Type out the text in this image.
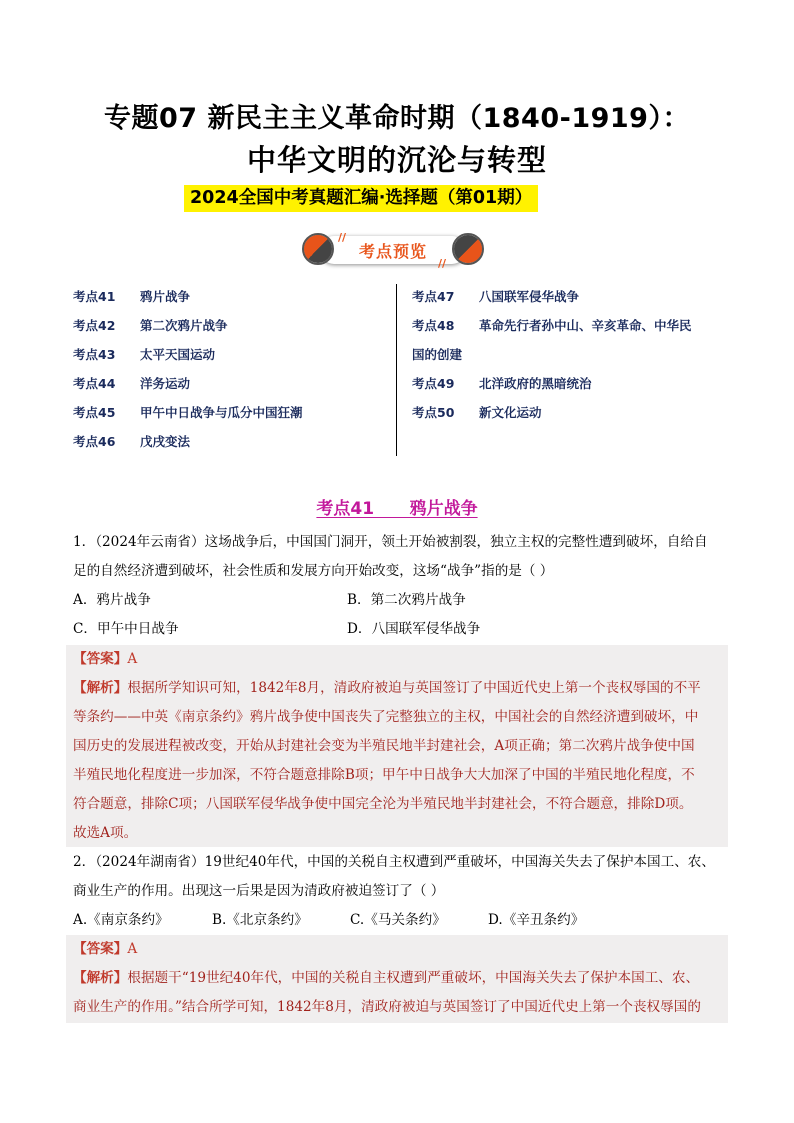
专题07 新民主主义革命时期（1840-1919）：
中华文明的沉沦与转型
2024全国中考真题汇编·选择题（第01期）
//
//
考点预览
考点41 鸦片战争
考点42 第二次鸦片战争
考点43 太平天国运动
考点44 洋务运动
考点45 甲午中日战争与瓜分中国狂潮
考点46 戊戌变法
考点47 八国联军侵华战争
考点48 革命先行者孙中山、辛亥革命、中华民
国的创建
考点49 北洋政府的黑暗统治
考点50 新文化运动
考点41      鸦片战争
1．（2024年云南省）这场战争后，中国国门洞开，领土开始被割裂，独立主权的完整性遭到破坏，自给自
足的自然经济遭到破坏，社会性质和发展方向开始改变，这场“战争”指的是（ ）
A．鸦片战争	B．第二次鸦片战争
C．甲午中日战争	D．八国联军侵华战争
【答案】A
【解析】根据所学知识可知，1842年8月，清政府被迫与英国签订了中国近代史上第一个丧权辱国的不平
等条约——中英《南京条约》鸦片战争使中国丧失了完整独立的主权，中国社会的自然经济遭到破坏，中
国历史的发展进程被改变，开始从封建社会变为半殖民地半封建社会，A项正确；第二次鸦片战争使中国
半殖民地化程度进一步加深，不符合题意排除B项；甲午中日战争大大加深了中国的半殖民地化程度，不
符合题意，排除C项；八国联军侵华战争使中国完全沦为半殖民地半封建社会，不符合题意，排除D项。
故选A项。
2．（2024年湖南省）19世纪40年代，中国的关税自主权遭到严重破坏，中国海关失去了保护本国工、农、
商业生产的作用。出现这一后果是因为清政府被迫签订了（ ）
A.《南京条约》	B.《北京条约》	C.《马关条约》	D.《辛丑条约》
【答案】A
【解析】根据题干“19世纪40年代，中国的关税自主权遭到严重破坏，中国海关失去了保护本国工、农、
商业生产的作用。”结合所学可知，1842年8月，清政府被迫与英国签订了中国近代史上第一个丧权辱国的
